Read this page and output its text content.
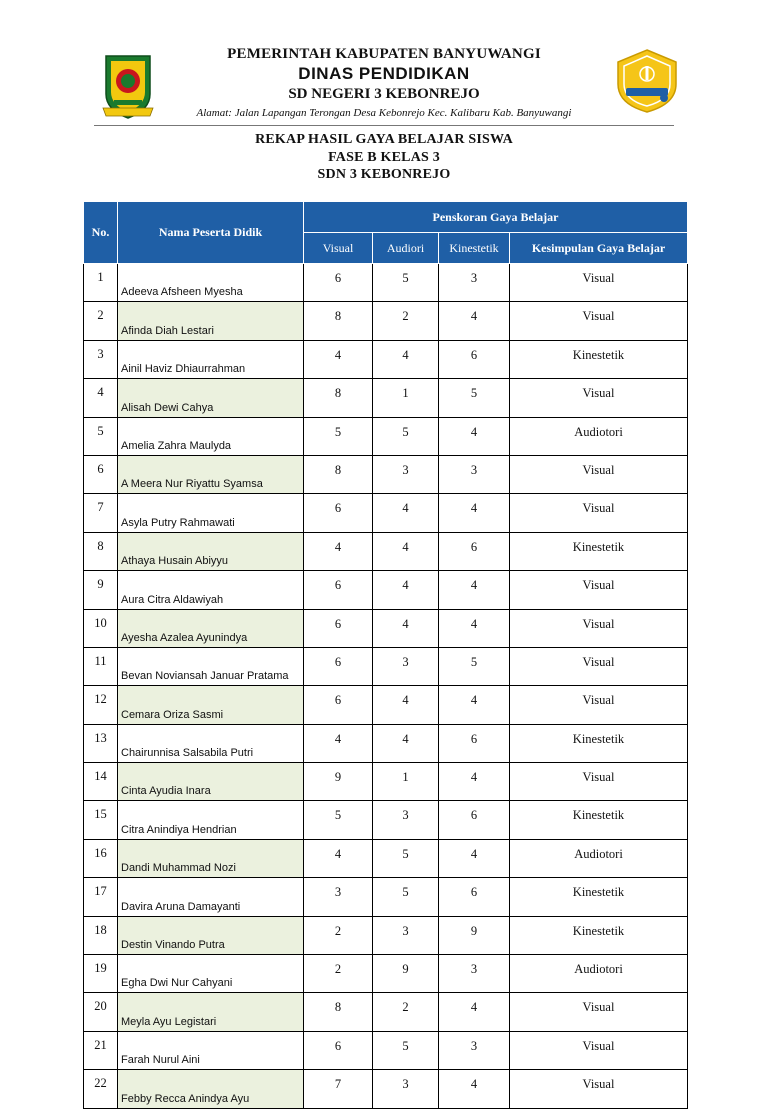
PEMERINTAH KABUPATEN BANYUWANGI
DINAS PENDIDIKAN
SD NEGERI 3 KEBONREJO
Alamat: Jalan Lapangan Terongan Desa Kebonrejo Kec. Kalibaru Kab. Banyuwangi
REKAP HASIL GAYA BELAJAR SISWA
FASE B KELAS 3
SDN 3 KEBONREJO
No.	Nama Peserta Didik	Penskoran Gaya Belajar			
		Visual	Audiori	Kinestetik	Kesimpulan Gaya Belajar
1	Adeeva Afsheen Myesha	6	5	3	Visual
2	Afinda Diah Lestari	8	2	4	Visual
3	Ainil Haviz Dhiaurrahman	4	4	6	Kinestetik
4	Alisah Dewi Cahya	8	1	5	Visual
5	Amelia Zahra Maulyda	5	5	4	Audiotori
6	A Meera Nur Riyattu Syamsa	8	3	3	Visual
7	Asyla Putry Rahmawati	6	4	4	Visual
8	Athaya Husain Abiyyu	4	4	6	Kinestetik
9	Aura Citra Aldawiyah	6	4	4	Visual
10	Ayesha Azalea Ayunindya	6	4	4	Visual
11	Bevan Noviansah Januar Pratama	6	3	5	Visual
12	Cemara Oriza Sasmi	6	4	4	Visual
13	Chairunnisa Salsabila Putri	4	4	6	Kinestetik
14	Cinta Ayudia Inara	9	1	4	Visual
15	Citra Anindiya Hendrian	5	3	6	Kinestetik
16	Dandi Muhammad Nozi	4	5	4	Audiotori
17	Davira Aruna Damayanti	3	5	6	Kinestetik
18	Destin Vinando Putra	2	3	9	Kinestetik
19	Egha Dwi Nur Cahyani	2	9	3	Audiotori
20	Meyla Ayu Legistari	8	2	4	Visual
21	Farah Nurul Aini	6	5	3	Visual
22	Febby Recca Anindya Ayu	7	3	4	Visual
